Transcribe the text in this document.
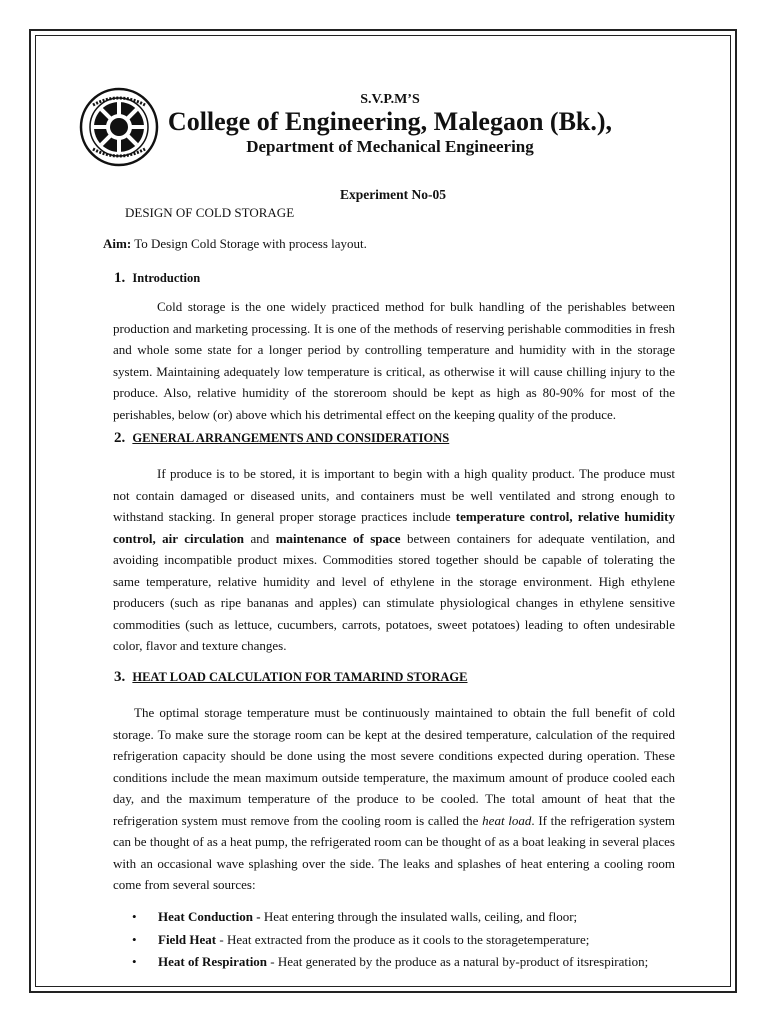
S.V.P.M’S
College of Engineering, Malegaon (Bk.),
Department of Mechanical Engineering
Experiment No-05
DESIGN OF COLD STORAGE
Aim: To Design Cold Storage with process layout.
1. Introduction

Cold storage is the one widely practiced method for bulk handling of the perishables between production and marketing processing. It is one of the methods of reserving perishable commodities in fresh and whole some state for a longer period by controlling temperature and humidity with in the storage system. Maintaining adequately low temperature is critical, as otherwise it will cause chilling injury to the produce. Also, relative humidity of the storeroom should be kept as high as 80-90% for most of the perishables, below (or) above which his detrimental effect on the keeping quality of the produce.

2. GENERAL ARRANGEMENTS AND CONSIDERATIONS

If produce is to be stored, it is important to begin with a high quality product. The produce must not contain damaged or diseased units, and containers must be well ventilated and strong enough to withstand stacking. In general proper storage practices include temperature control, relative humidity control, air circulation and maintenance of space between containers for adequate ventilation, and avoiding incompatible product mixes. Commodities stored together should be capable of tolerating the same temperature, relative humidity and level of ethylene in the storage environment. High ethylene producers (such as ripe bananas and apples) can stimulate physiological changes in ethylene sensitive commodities (such as lettuce, cucumbers, carrots, potatoes, sweet potatoes) leading to often undesirable color, flavor and texture changes.

3. HEAT LOAD CALCULATION FOR TAMARIND STORAGE

The optimal storage temperature must be continuously maintained to obtain the full benefit of cold storage. To make sure the storage room can be kept at the desired temperature, calculation of the required refrigeration capacity should be done using the most severe conditions expected during operation. These conditions include the mean maximum outside temperature, the maximum amount of produce cooled each day, and the maximum temperature of the produce to be cooled. The total amount of heat that the refrigeration system must remove from the cooling room is called the heat load. If the refrigeration system can be thought of as a heat pump, the refrigerated room can be thought of as a boat leaking in several places with an occasional wave splashing over the side. The leaks and splashes of heat entering a cooling room come from several sources:

• Heat Conduction - Heat entering through the insulated walls, ceiling, and floor;
• Field Heat - Heat extracted from the produce as it cools to the storagetemperature;
• Heat of Respiration - Heat generated by the produce as a natural by-product of itsrespiration;
